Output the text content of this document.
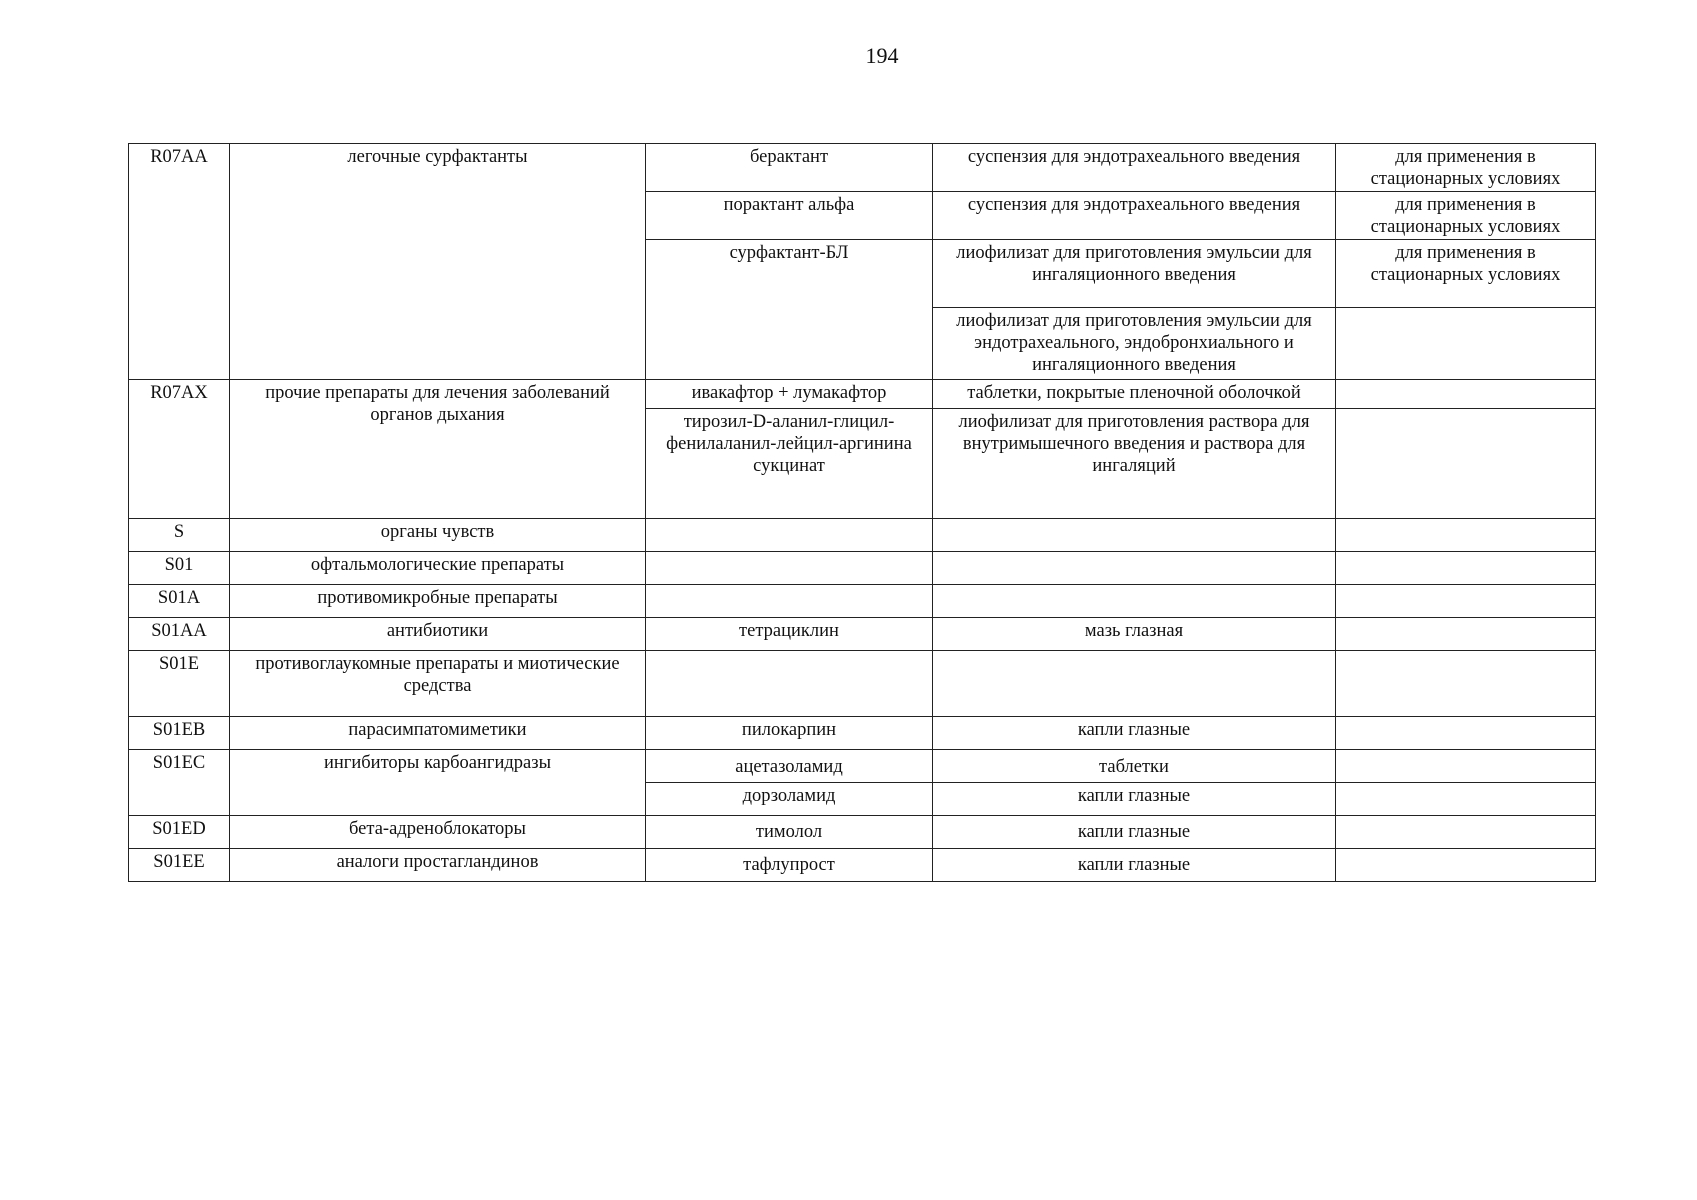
194
R07AA	легочные сурфактанты	берактант	суспензия для эндотрахеального введения	для применения в стационарных условиях
		порактант альфа	суспензия для эндотрахеального введения	для применения в стационарных условиях
		сурфактант-БЛ	лиофилизат для приготовления эмульсии для ингаляционного введения	для применения в стационарных условиях
			лиофилизат для приготовления эмульсии для эндотрахеального, эндобронхиального и ингаляционного введения	
R07AX	прочие препараты для лечения заболеваний органов дыхания	ивакафтор + лумакафтор	таблетки, покрытые пленочной оболочкой	
		тирозил-D-аланил-глицил-фенилаланил-лейцил-аргинина сукцинат	лиофилизат для приготовления раствора для внутримышечного введения и раствора для ингаляций	
S	органы чувств			
S01	офтальмологические препараты			
S01A	противомикробные препараты			
S01AA	антибиотики	тетрациклин	мазь глазная	
S01E	противоглаукомные препараты и миотические средства			
S01EB	парасимпатомиметики	пилокарпин	капли глазные	
S01EC	ингибиторы карбоангидразы	ацетазоламид	таблетки	
		дорзоламид	капли глазные	
S01ED	бета-адреноблокаторы	тимолол	капли глазные	
S01EE	аналоги простагландинов	тафлупрост	капли глазные	
